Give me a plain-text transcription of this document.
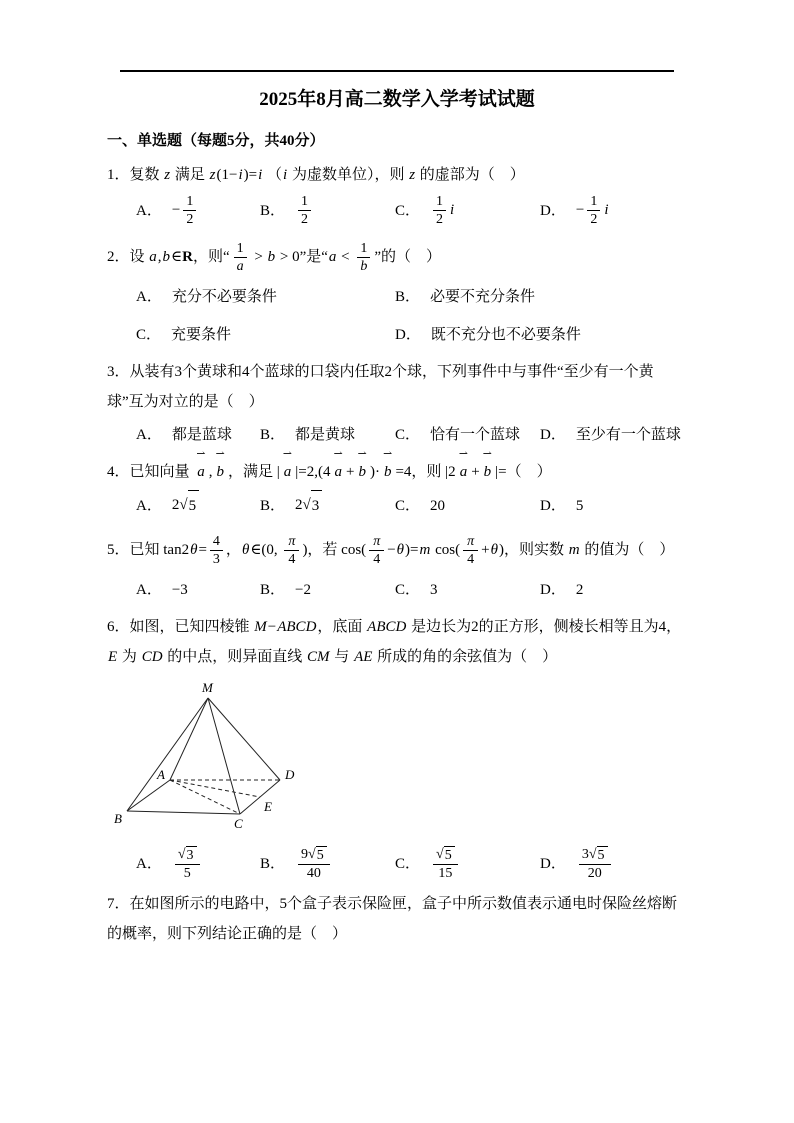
2025年8月高二数学入学考试试题
一、单选题（每题5分，共40分）
1．复数 z 满足 z(1−i)=i （i 为虚数单位），则 z 的虚部为（　）
A． − $\frac{1}{2}$	B． $\frac{1}{2}$	C． $\frac{1}{2}$ i	D． − $\frac{1}{2}$ i
2．设 a,b∈R，则“ $\frac{1}{a} > b > 0$”是“$a < \frac{1}{b}$ ”的（　）
A． 充分不必要条件	B． 必要不充分条件
C． 充要条件	D． 既不充分也不必要条件
3．从装有3个黄球和4个蓝球的口袋内任取2个球，下列事件中与事件“至少有一个黄球”互为对立的是（　）
A． 都是蓝球 B． 都是黄球	C． 恰有一个蓝球 D． 至少有一个蓝球
4．已知向量
⇀
a ,
⇀
b ，满足 |
⇀
a |=2,(4
⇀
a +
⇀
b )·
⇀
b =4，则 |2
⇀
a +
⇀
b |=（　）
A． 2 √ 5	B． 2 √ 3	C． 20	D． 5
5．已知 $\tan 2\theta= \frac{4}{3}$ ，θ∈(0, $\frac{\pi}{4}$ )，若 $\cos( \frac{\pi}{4} -\theta)=m$ $\cos( \frac{\pi}{4} +\theta)$，则实数 m 的值为（　）
A． −3	B． −2	C． 3	D． 2
6．如图，已知四棱锥 M−ABCD，底面 ABCD 是边长为2的正方形，侧棱长相等且为4，E 为 CD 的中点，则异面直线 CM 与 AE 所成的角的余弦值为（　）
M
A
B	C
D
E
A． $\frac{√ 3}{5}$	B． $\frac{9 √ 5}{40}$	C． $\frac{√ 5}{15}$	D． $\frac{3 √ 5}{20}$
7．在如图所示的电路中，5个盒子表示保险匣，盒子中所示数值表示通电时保险丝熔断的概率，则下列结论正确的是（　）
